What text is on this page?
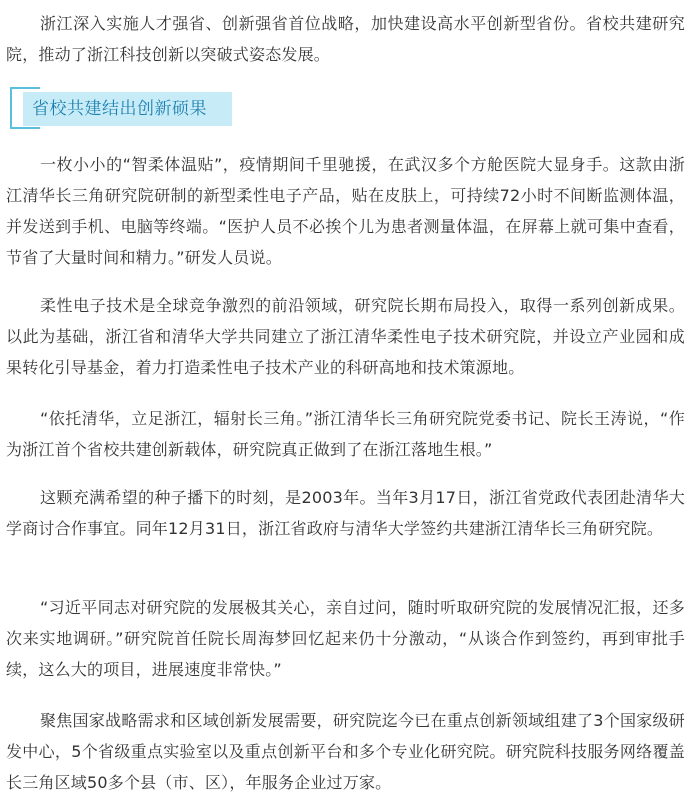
浙江深入实施人才强省、创新强省首位战略，加快建设高水平创新型省份。省校共建研究院，推动了浙江科技创新以突破式姿态发展。

省校共建结出创新硕果

一枚小小的“智柔体温贴”，疫情期间千里驰援，在武汉多个方舱医院大显身手。这款由浙江清华长三角研究院研制的新型柔性电子产品，贴在皮肤上，可持续72小时不间断监测体温，并发送到手机、电脑等终端。“医护人员不必挨个儿为患者测量体温，在屏幕上就可集中查看，节省了大量时间和精力。”研发人员说。

柔性电子技术是全球竞争激烈的前沿领域，研究院长期布局投入，取得一系列创新成果。以此为基础，浙江省和清华大学共同建立了浙江清华柔性电子技术研究院，并设立产业园和成果转化引导基金，着力打造柔性电子技术产业的科研高地和技术策源地。

“依托清华，立足浙江，辐射长三角。”浙江清华长三角研究院党委书记、院长王涛说，“作为浙江首个省校共建创新载体，研究院真正做到了在浙江落地生根。”

这颗充满希望的种子播下的时刻，是2003年。当年3月17日，浙江省党政代表团赴清华大学商讨合作事宜。同年12月31日，浙江省政府与清华大学签约共建浙江清华长三角研究院。

“习近平同志对研究院的发展极其关心，亲自过问，随时听取研究院的发展情况汇报，还多次来实地调研。”研究院首任院长周海梦回忆起来仍十分激动，“从谈合作到签约，再到审批手续，这么大的项目，进展速度非常快。”

聚焦国家战略需求和区域创新发展需要，研究院迄今已在重点创新领域组建了3个国家级研发中心，5个省级重点实验室以及重点创新平台和多个专业化研究院。研究院科技服务网络覆盖长三角区域50多个县（市、区），年服务企业过万家。
